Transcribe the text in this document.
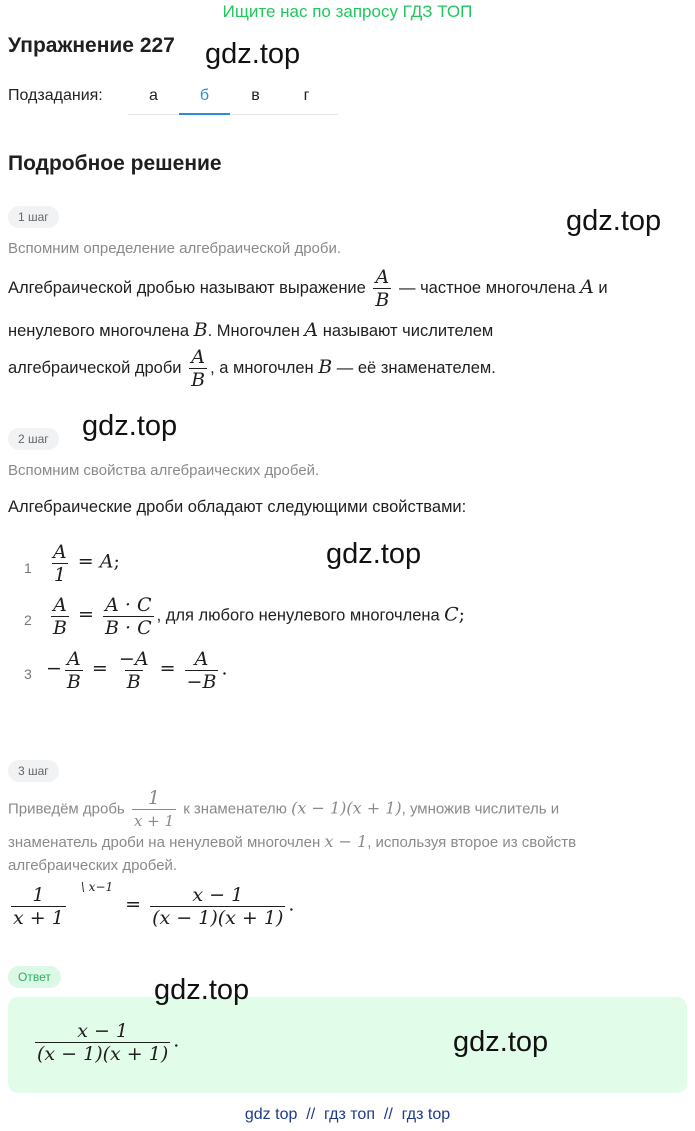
Ищите нас по запросу ГДЗ ТОП
Упражнение 227 gdz.top
Подзадания:	а	б	в	г
Подробное решение
1 шаг	gdz.top
Вспомним определение алгебраической дроби.
Алгебраической дробью называют выражение $\frac{A}{B}$ — частное многочлена A и
ненулевого многочлена B. Многочлен A называют числителем
алгебраической дроби $\frac{A}{B}$ , а многочлен B — её знаменателем.
2 шаг	gdz.top
Вспомним свойства алгебраических дробей.
Алгебраические дроби обладают следующими свойствами:
$1 \frac{A}{1} = A$;	gdz.top
$2 \frac{A}{B} = \frac{A \cdot C}{B \cdot C}$ , для любого ненулевого многочлена C;
$3 - \frac{A}{B} = \frac{-A}{B} = \frac{A}{-B}$ .
3 шаг
Приведём дробь $\frac{1}{x + 1}$ к знаменателю (x − 1)(x + 1), умножив числитель и
знаменатель дроби на ненулевой многочлен x − 1, используя второе из свойств
алгебраических дробей.
$\frac{1}{x + 1} ^{\backslash x-1} = \frac{x - 1}{(x - 1)(x + 1)}$ .
Ответ
$\frac{x - 1}{(x - 1)(x + 1)}$ .
gdz.top
gdz.top
gdz top  //  гдз топ  //  гдз top
